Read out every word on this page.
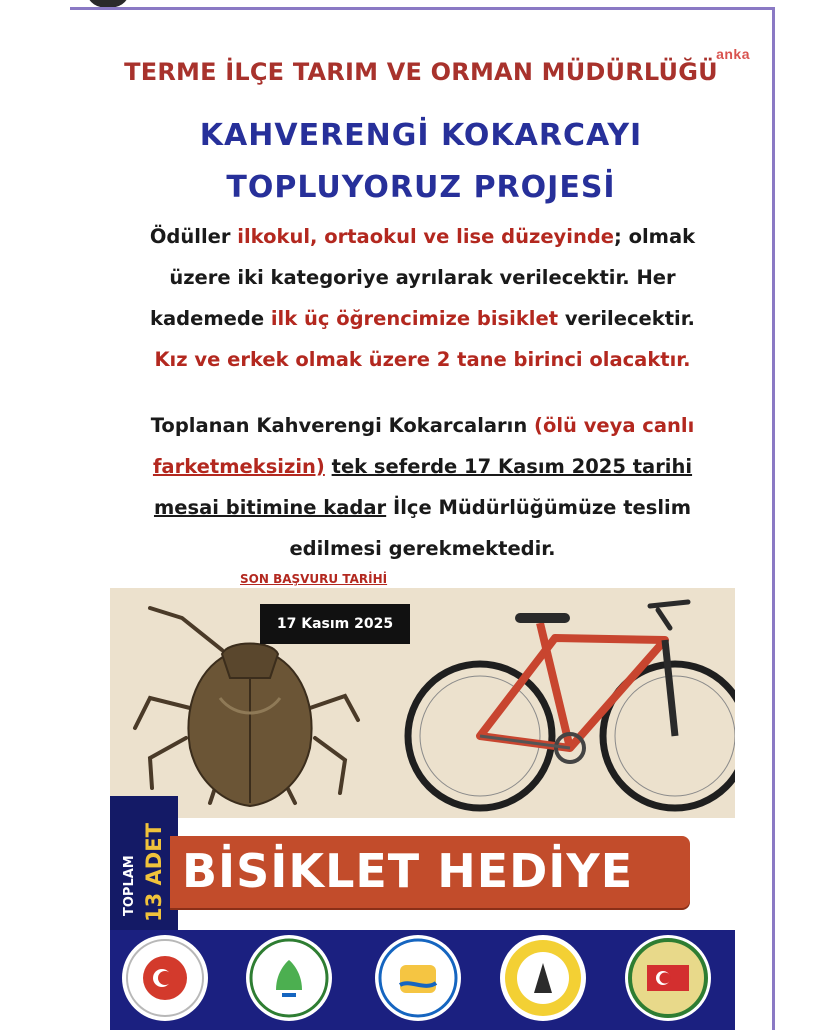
anka
TERME İLÇE TARIM VE ORMAN MÜDÜRLÜĞÜ
KAHVERENGİ KOKARCAYI
TOPLUYORUZ PROJESİ
Ödüller ilkokul, ortaokul ve lise düzeyinde; olmak
üzere iki kategoriye ayrılarak verilecektir. Her
kademede ilk üç öğrencimize bisiklet verilecektir.
Kız ve erkek olmak üzere 2 tane birinci olacaktır.
Toplanan Kahverengi Kokarcaların (ölü veya canlı
farketmeksizin) tek seferde 17 Kasım 2025 tarihi
mesai bitimine kadar İlçe Müdürlüğümüze teslim
edilmesi gerekmektedir.
SON BAŞVURU TARİHİ
17 Kasım 2025
TOPLAM 13 ADET BİSİKLET HEDİYE
